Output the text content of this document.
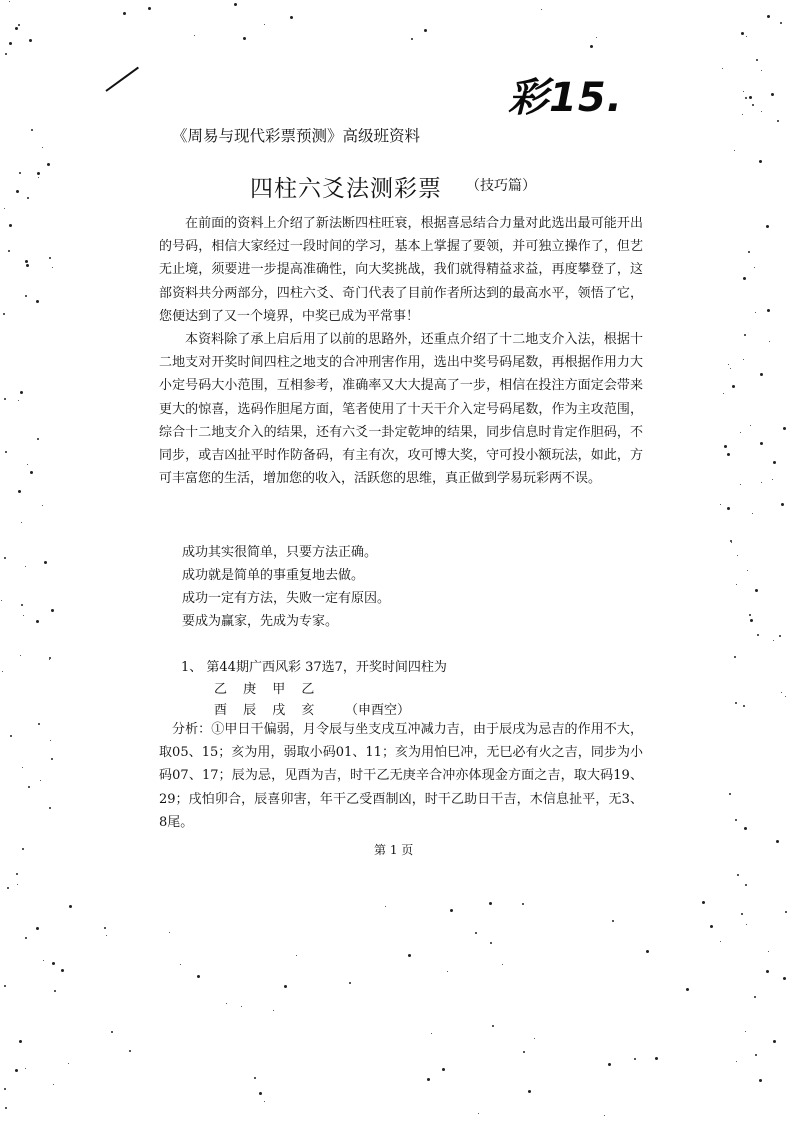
彩15.
《周易与现代彩票预测》高级班资料
四柱六爻法测彩票 （技巧篇）

在前面的资料上介绍了新法断四柱旺衰，根据喜忌结合力量对此选出最可能开出的号码，相信大家经过一段时间的学习，基本上掌握了要领，并可独立操作了，但艺无止境，须要进一步提高准确性，向大奖挑战，我们就得精益求益，再度攀登了，这部资料共分两部分，四柱六爻、奇门代表了目前作者所达到的最高水平，领悟了它，您便达到了又一个境界，中奖已成为平常事！

本资料除了承上启后用了以前的思路外，还重点介绍了十二地支介入法，根据十二地支对开奖时间四柱之地支的合冲刑害作用，选出中奖号码尾数，再根据作用力大小定号码大小范围，互相参考，准确率又大大提高了一步，相信在投注方面定会带来更大的惊喜，选码作胆尾方面，笔者使用了十天干介入定号码尾数，作为主攻范围，综合十二地支介入的结果，还有六爻一卦定乾坤的结果，同步信息时肯定作胆码，不同步，或吉凶扯平时作防备码，有主有次，攻可博大奖，守可投小额玩法，如此，方可丰富您的生活，增加您的收入，活跃您的思维，真正做到学易玩彩两不误。

成功其实很简单，只要方法正确。
成功就是简单的事重复地去做。
成功一定有方法，失败一定有原因。
要成为赢家，先成为专家。
1、 第44期广西风彩 37选7，开奖时间四柱为
乙 庚 甲 乙
酉 辰 戌 亥 （申酉空）

分析：①甲日干偏弱，月令辰与坐支戌互冲减力吉，由于辰戌为忌吉的作用不大，取05、15；亥为用，弱取小码01、11；亥为用怕巳冲，无巳必有火之吉，同步为小码07、17；辰为忌，见酉为吉，时干乙无庚辛合冲亦体现金方面之吉，取大码19、29；戌怕卯合，辰喜卯害，年干乙受酉制凶，时干乙助日干吉，木信息扯平，无3、8尾。

第 1 页
